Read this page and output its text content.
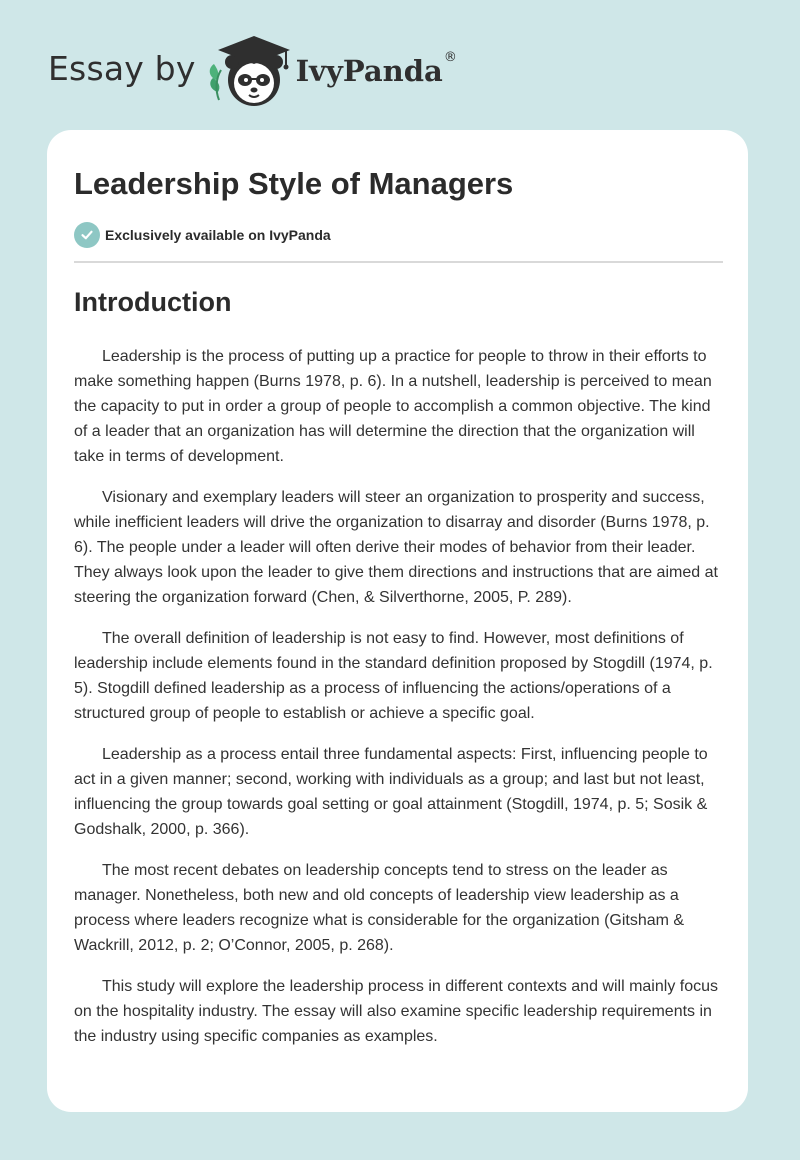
Essay by	IvyPanda ®
Leadership Style of Managers
Exclusively available on IvyPanda
Introduction

Leadership is the process of putting up a practice for people to throw in their efforts to make something happen (Burns 1978, p. 6). In a nutshell, leadership is perceived to mean the capacity to put in order a group of people to accomplish a common objective. The kind of a leader that an organization has will determine the direction that the organization will take in terms of development.

Visionary and exemplary leaders will steer an organization to prosperity and success, while inefficient leaders will drive the organization to disarray and disorder (Burns 1978, p. 6). The people under a leader will often derive their modes of behavior from their leader. They always look upon the leader to give them directions and instructions that are aimed at steering the organization forward (Chen, & Silverthorne, 2005, P. 289).

The overall definition of leadership is not easy to find. However, most definitions of leadership include elements found in the standard definition proposed by Stogdill (1974, p. 5). Stogdill defined leadership as a process of influencing the actions/operations of a structured group of people to establish or achieve a specific goal.

Leadership as a process entail three fundamental aspects: First, influencing people to act in a given manner; second, working with individuals as a group; and last but not least, influencing the group towards goal setting or goal attainment (Stogdill, 1974, p. 5; Sosik & Godshalk, 2000, p. 366).

The most recent debates on leadership concepts tend to stress on the leader as manager. Nonetheless, both new and old concepts of leadership view leadership as a process where leaders recognize what is considerable for the organization (Gitsham & Wackrill, 2012, p. 2; O’Connor, 2005, p. 268).

This study will explore the leadership process in different contexts and will mainly focus on the hospitality industry. The essay will also examine specific leadership requirements in the industry using specific companies as examples.
